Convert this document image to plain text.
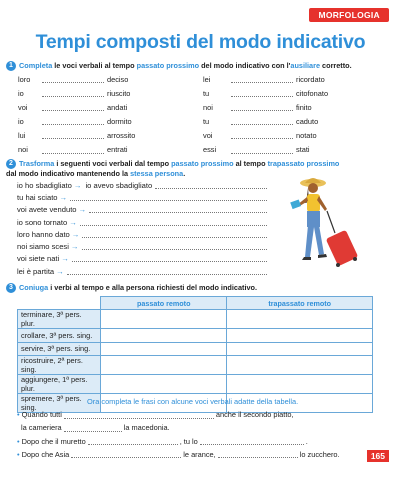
MORFOLOGIA
Tempi composti del modo indicativo
1 Completa le voci verbali al tempo passato prossimo del modo indicativo con l'ausiliare corretto.
loro	deciso	lei	ricordato
io	riuscito	tu	citofonato
voi	andati	noi	finito
io	dormito	tu	caduto
lui	arrossito	voi	notato
noi	entrati	essi	stati
2 Trasforma i seguenti voci verbali dal tempo passato prossimo al tempo trapassato prossimo
dal modo indicativo mantenendo la stessa persona.
io ho sbadigliato → io avevo sbadigliato
tu hai sciato →
voi avete venduto →
io sono tornato →
loro hanno dato →
noi siamo scesi →
voi siete nati →
lei è partita →
3 Coniuga i verbi al tempo e alla persona richiesti del modo indicativo.
	passato remoto	trapassato remoto
terminare, 3ª pers. plur.		
crollare, 3ª pers. sing.		
servire, 3ª pers. sing.		
ricostruire, 2ª pers. sing.		
aggiungere, 1ª pers. plur.		
spremere, 3ª pers. sing.		
Ora completa le frasi con alcune voci verbali adatte della tabella.
• Quando tutti	anche il secondo piatto,
la cameriera	la macedonia.
• Dopo che il muretto	, tu lo	.
• Dopo che Asia	le arance,	lo zucchero.	165
